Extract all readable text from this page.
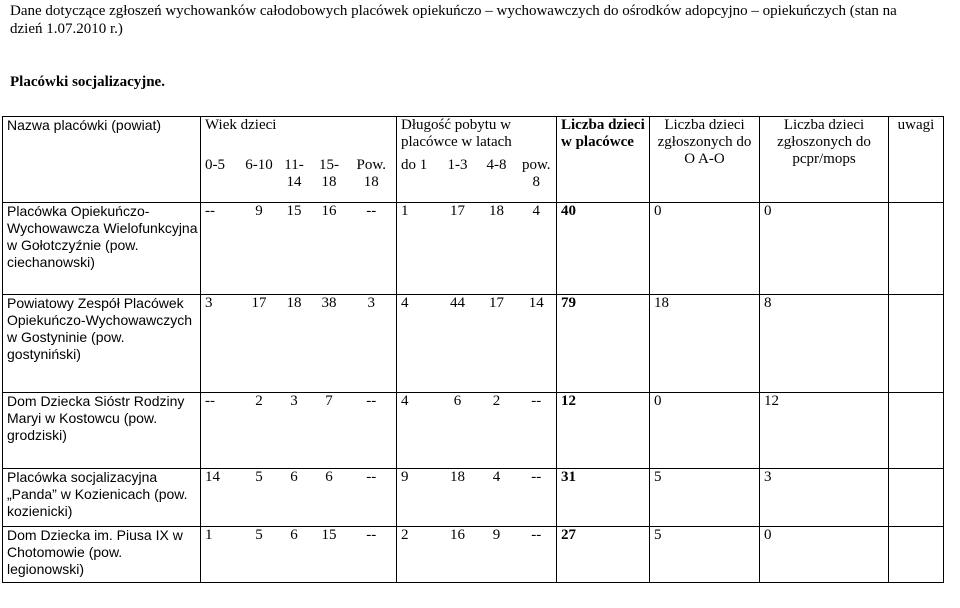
Dane dotyczące zgłoszeń wychowanków całodobowych placówek opiekuńczo – wychowawczych do ośrodków adopcyjno – opiekuńczych (stan na dzień 1.07.2010 r.)
Placówki socjalizacyjne.
Nazwa placówki (powiat)	Wiek dzieci					Długość pobytu w placówce w latach				Liczba dzieci w placówce	Liczba dzieci zgłoszonych do O A-O	Liczba dzieci zgłoszonych do pcpr/mops	uwagi
	0-5	6-10	11-14	15-18	Pow. 18	do 1	1-3	4-8	pow. 8				
Placówka Opiekuńczo-Wychowawcza Wielofunkcyjna w Gołotczyźnie (pow. ciechanowski)	--	9	15	16	--	1	17	18	4	40	0	0	
Powiatowy Zespół Placówek Opiekuńczo-Wychowawczych w Gostyninie (pow. gostyniński)	3	17	18	38	3	4	44	17	14	79	18	8	
Dom Dziecka Sióstr Rodziny Maryi w Kostowcu (pow. grodziski)	--	2	3	7	--	4	6	2	--	12	0	12	
Placówka socjalizacyjna „Panda” w Kozienicach (pow. kozienicki)	14	5	6	6	--	9	18	4	--	31	5	3	
Dom Dziecka im. Piusa IX w Chotomowie (pow. legionowski)	1	5	6	15	--	2	16	9	--	27	5	0	
